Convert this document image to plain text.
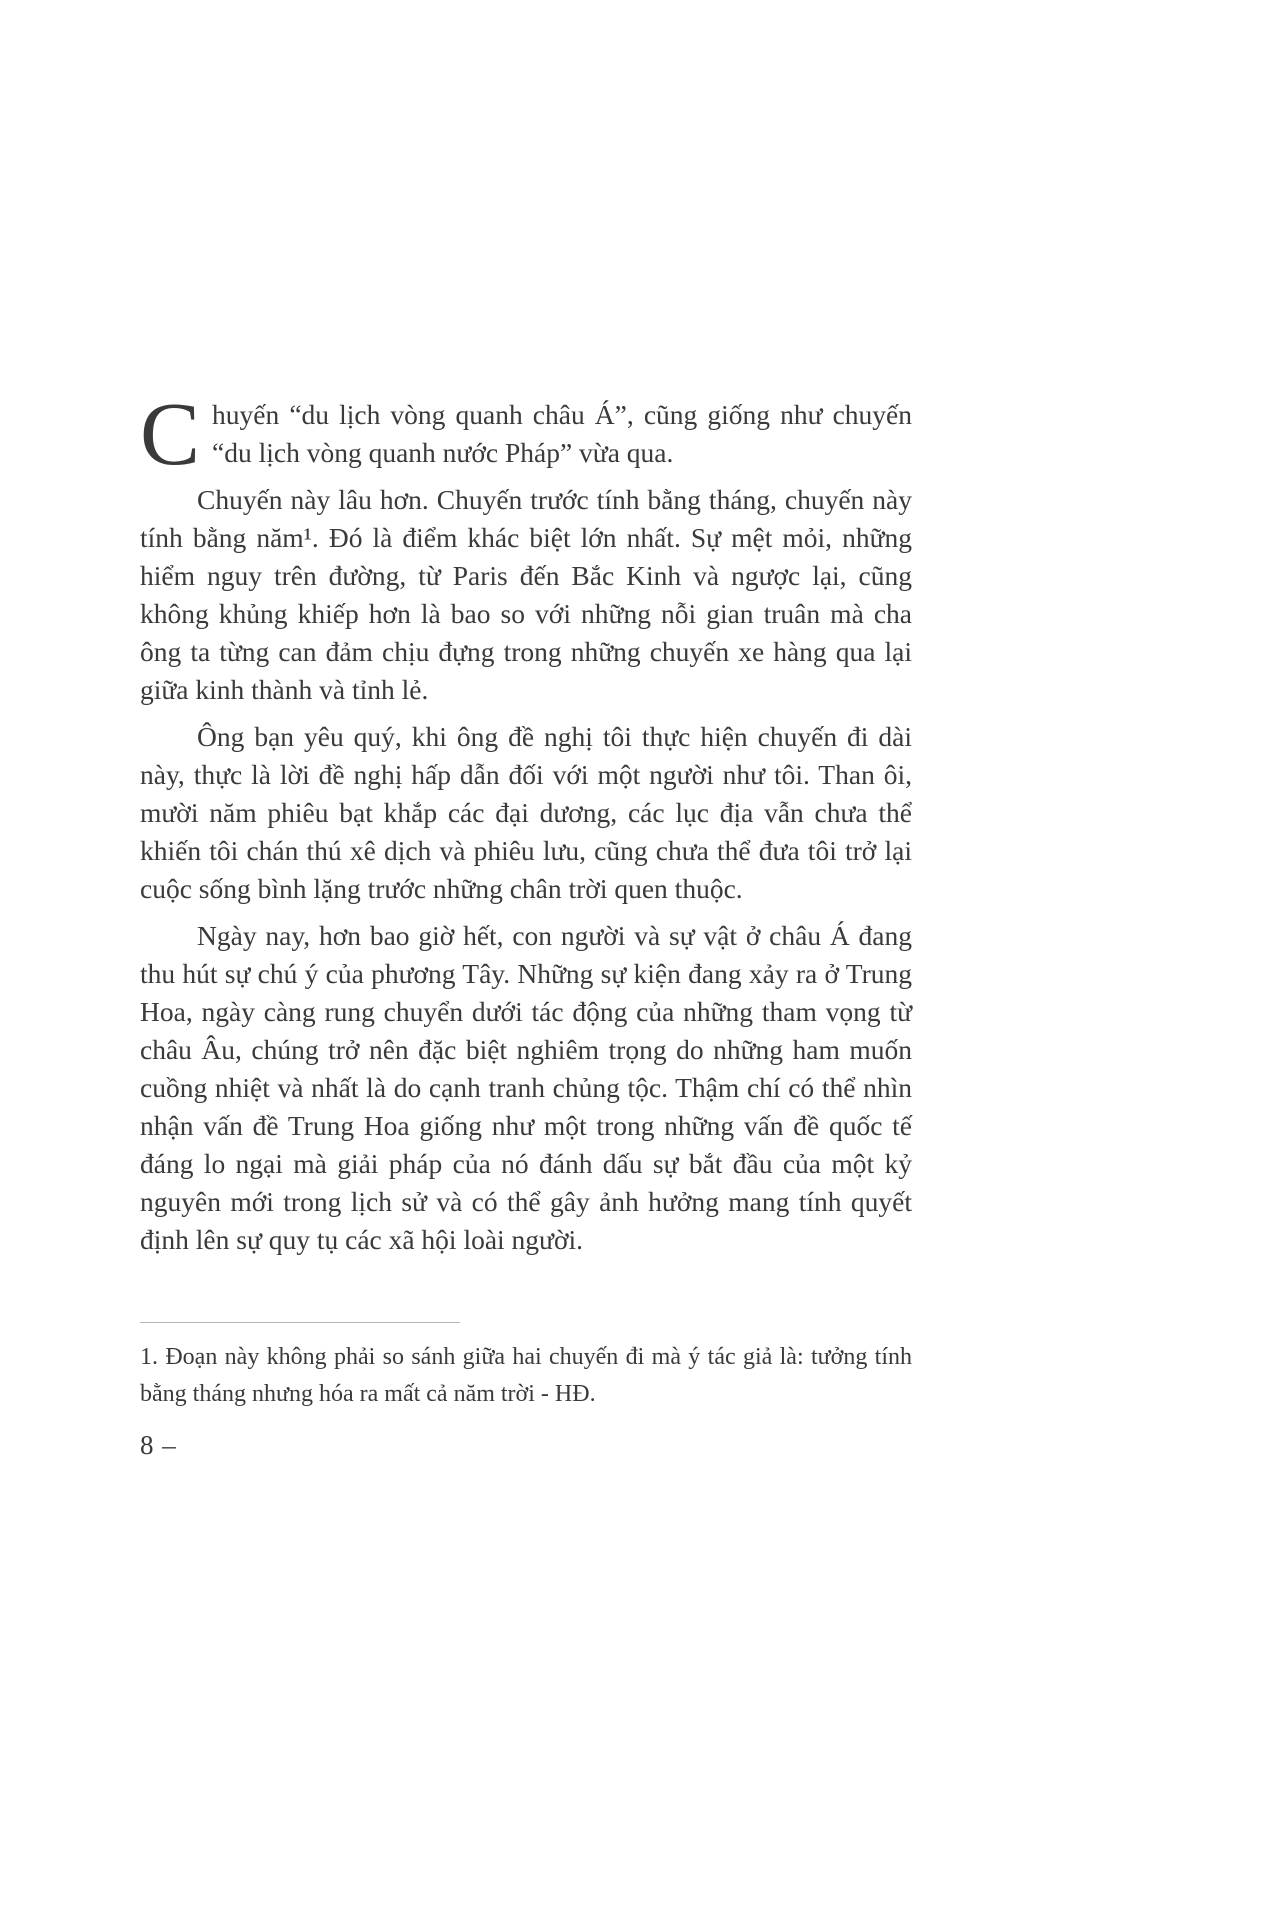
C huyến “du lịch vòng quanh châu Á”, cũng giống như chuyến “du lịch vòng quanh nước Pháp” vừa qua.

Chuyến này lâu hơn. Chuyến trước tính bằng tháng, chuyến này tính bằng năm¹. Đó là điểm khác biệt lớn nhất. Sự mệt mỏi, những hiểm nguy trên đường, từ Paris đến Bắc Kinh và ngược lại, cũng không khủng khiếp hơn là bao so với những nỗi gian truân mà cha ông ta từng can đảm chịu đựng trong những chuyến xe hàng qua lại giữa kinh thành và tỉnh lẻ.

Ông bạn yêu quý, khi ông đề nghị tôi thực hiện chuyến đi dài này, thực là lời đề nghị hấp dẫn đối với một người như tôi. Than ôi, mười năm phiêu bạt khắp các đại dương, các lục địa vẫn chưa thể khiến tôi chán thú xê dịch và phiêu lưu, cũng chưa thể đưa tôi trở lại cuộc sống bình lặng trước những chân trời quen thuộc.

Ngày nay, hơn bao giờ hết, con người và sự vật ở châu Á đang thu hút sự chú ý của phương Tây. Những sự kiện đang xảy ra ở Trung Hoa, ngày càng rung chuyển dưới tác động của những tham vọng từ châu Âu, chúng trở nên đặc biệt nghiêm trọng do những ham muốn cuồng nhiệt và nhất là do cạnh tranh chủng tộc. Thậm chí có thể nhìn nhận vấn đề Trung Hoa giống như một trong những vấn đề quốc tế đáng lo ngại mà giải pháp của nó đánh dấu sự bắt đầu của một kỷ nguyên mới trong lịch sử và có thể gây ảnh hưởng mang tính quyết định lên sự quy tụ các xã hội loài người.

1. Đoạn này không phải so sánh giữa hai chuyến đi mà ý tác giả là: tưởng tính bằng tháng nhưng hóa ra mất cả năm trời - HĐ.

8 –
